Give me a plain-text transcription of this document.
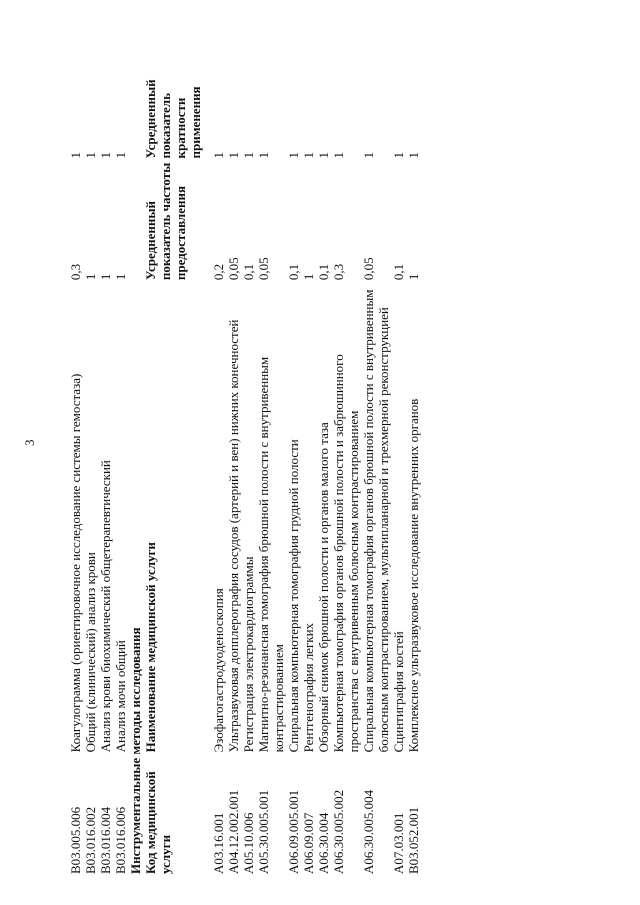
3
B03.005.006	Коагулограмма (ориентировочное исследование системы гемостаза)	0,3	1
B03.016.002	Общий (клинический) анализ крови	1	1
B03.016.004	Анализ крови биохимический общетерапевтический	1	1
B03.016.006	Анализ мочи общий	1	1
Инструментальные методы исследования			
Код медицинской услуги	Наименование медицинской услуги	Усредненный показатель частоты предоставления	Усредненный показатель кратности применения

A03.16.001	Эзофагогастродуоденоскопия	0,2	1
A04.12.002.001	Ультразвуковая допплерография сосудов (артерий и вен) нижних конечностей	0,05	1
A05.10.006	Регистрация электрокардиограммы	0,1	1
A05.30.005.001	Магнитно-резонансная томография брюшной полости с внутривенным контрастированием	0,05	1
A06.09.005.001	Спиральная компьютерная томография грудной полости	0,1	1
A06.09.007	Рентгенография легких	1	1
A06.30.004	Обзорный снимок брюшной полости и органов малого таза	0,1	1
A06.30.005.002	Компьютерная томография органов брюшной полости и забрюшинного пространства с внутривенным болюсным контрастированием	0,3	1
A06.30.005.004	Спиральная компьютерная томография органов брюшной полости с внутривенным болюсным контрастированием, мультипланарной и трехмерной реконструкцией	0,05	1
A07.03.001	Сцинтиграфия костей	0,1	1
B03.052.001	Комплексное ультразвуковое исследование внутренних органов	1	1
